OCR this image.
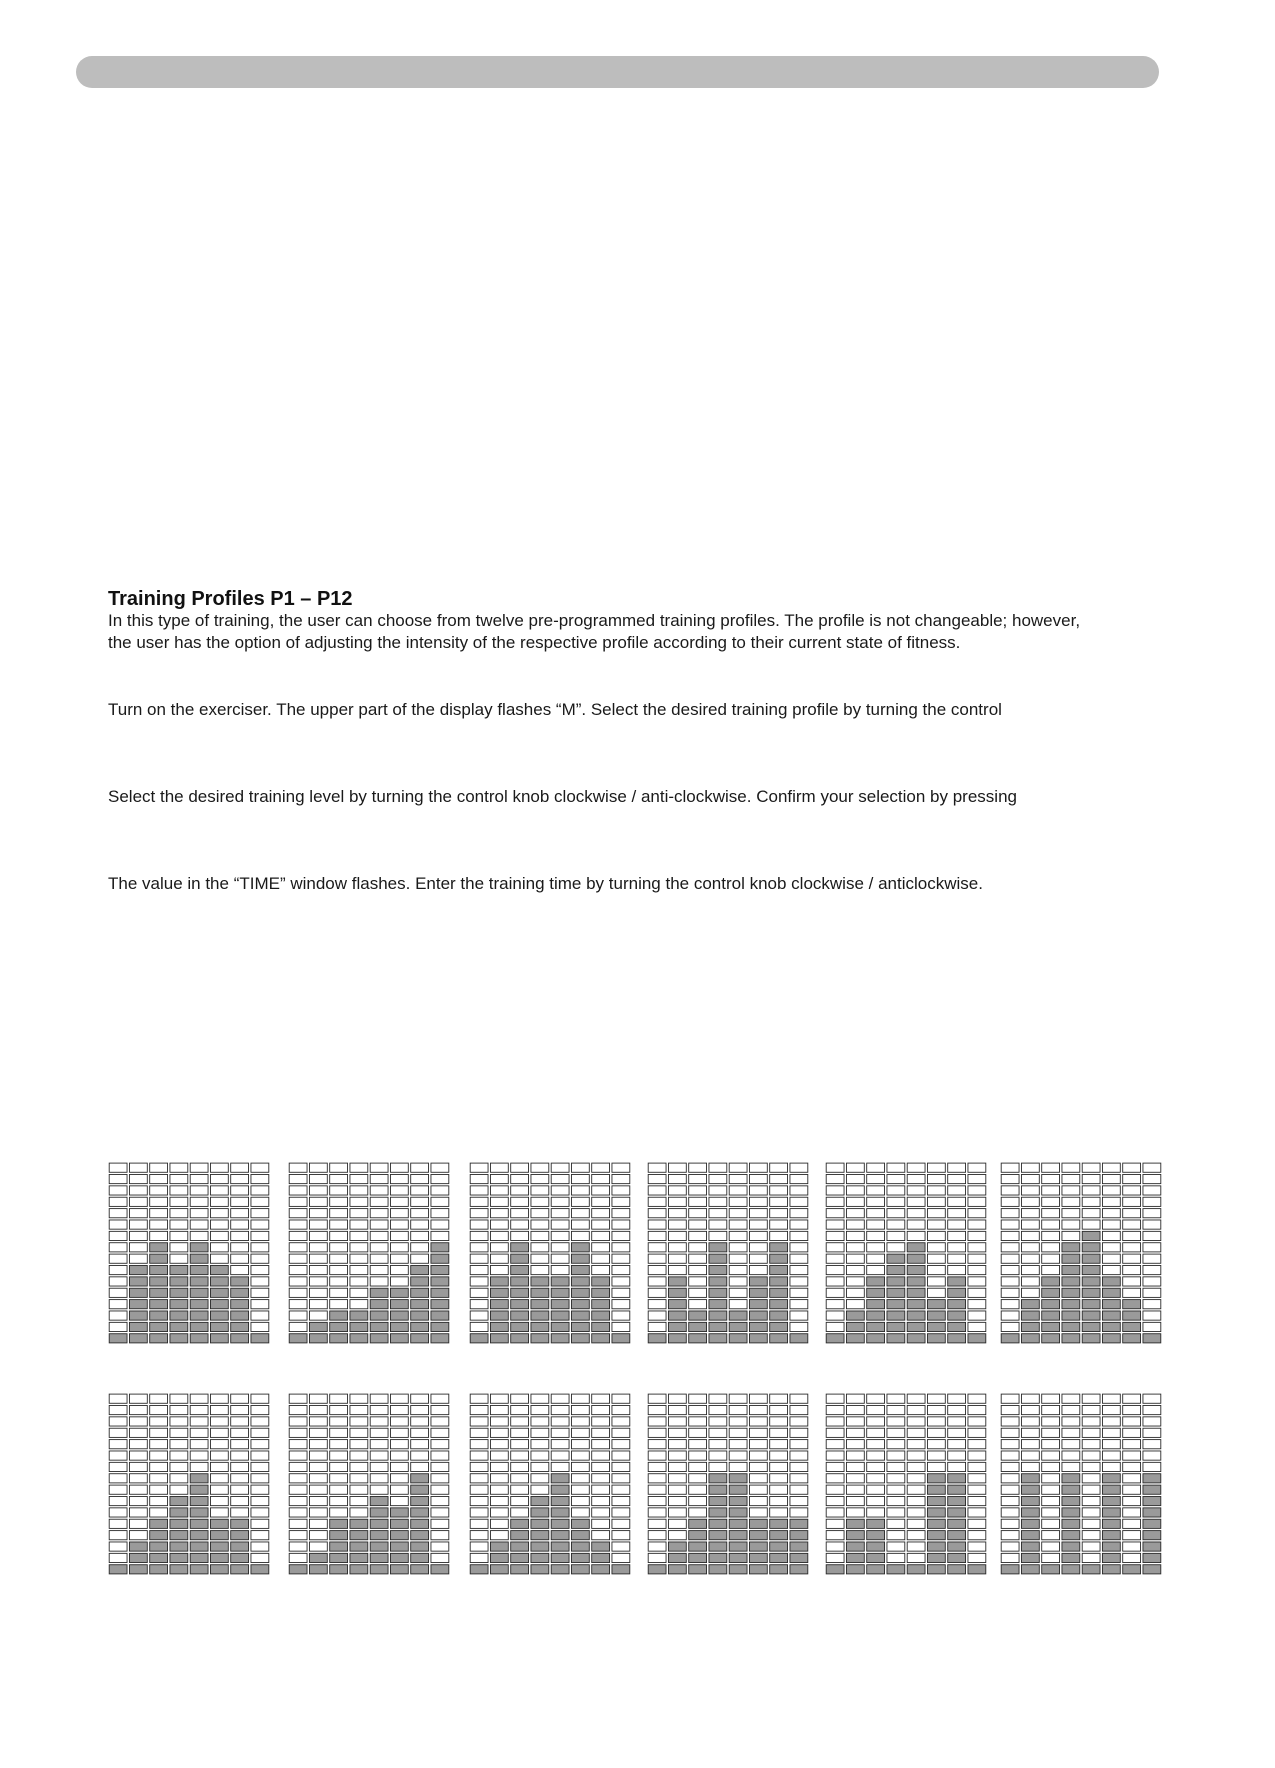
Training Profiles P1 – P12

In this type of training, the user can choose from twelve pre-programmed training profiles. The profile is not changeable; however, the user has the option of adjusting the intensity of the respective profile according to their current state of fitness.

Turn on the exerciser. The upper part of the display flashes “M”. Select the desired training profile by turning the control

Select the desired training level by turning the control knob clockwise / anti-clockwise. Confirm your selection by pressing

The value in the “TIME” window flashes. Enter the training time by turning the control knob clockwise / anticlockwise.
